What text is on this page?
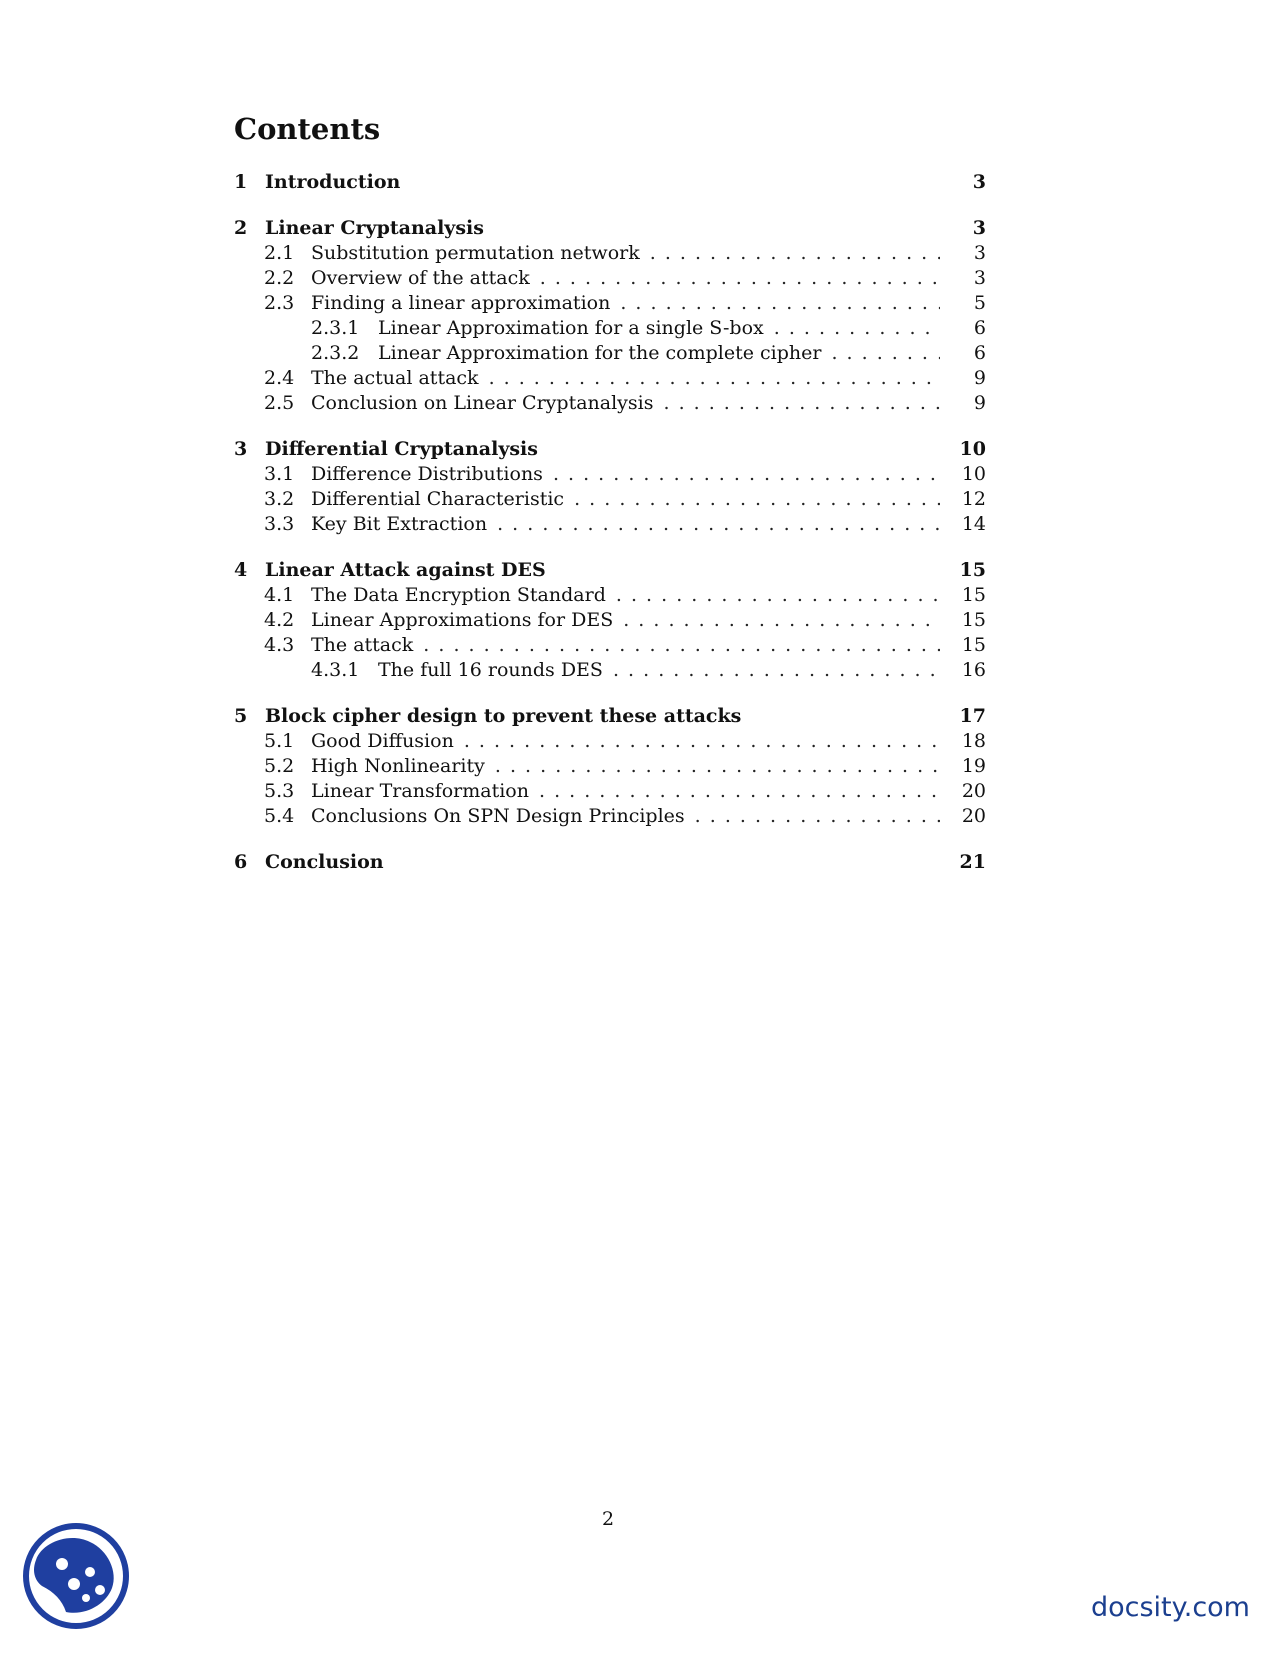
Contents
1 Introduction	3
2 Linear Cryptanalysis	3
2.1 Substitution permutation network . . .	3
2.2 Overview of the attack . . .	3
2.3 Finding a linear approximation . . .	5
2.3.1 Linear Approximation for a single S-box . . .	6
2.3.2 Linear Approximation for the complete cipher . . .	6
2.4 The actual attack . . .	9
2.5 Conclusion on Linear Cryptanalysis . . .	9
3 Differential Cryptanalysis	10
3.1 Difference Distributions . . .	10
3.2 Differential Characteristic . . .	12
3.3 Key Bit Extraction . . .	14
4 Linear Attack against DES	15
4.1 The Data Encryption Standard . . .	15
4.2 Linear Approximations for DES . . .	15
4.3 The attack . . .	15
4.3.1 The full 16 rounds DES . . .	16
5 Block cipher design to prevent these attacks	17
5.1 Good Diffusion . . .	18
5.2 High Nonlinearity . . .	19
5.3 Linear Transformation . . .	20
5.4 Conclusions On SPN Design Principles . . .	20
6 Conclusion	21
2
docsity.com
